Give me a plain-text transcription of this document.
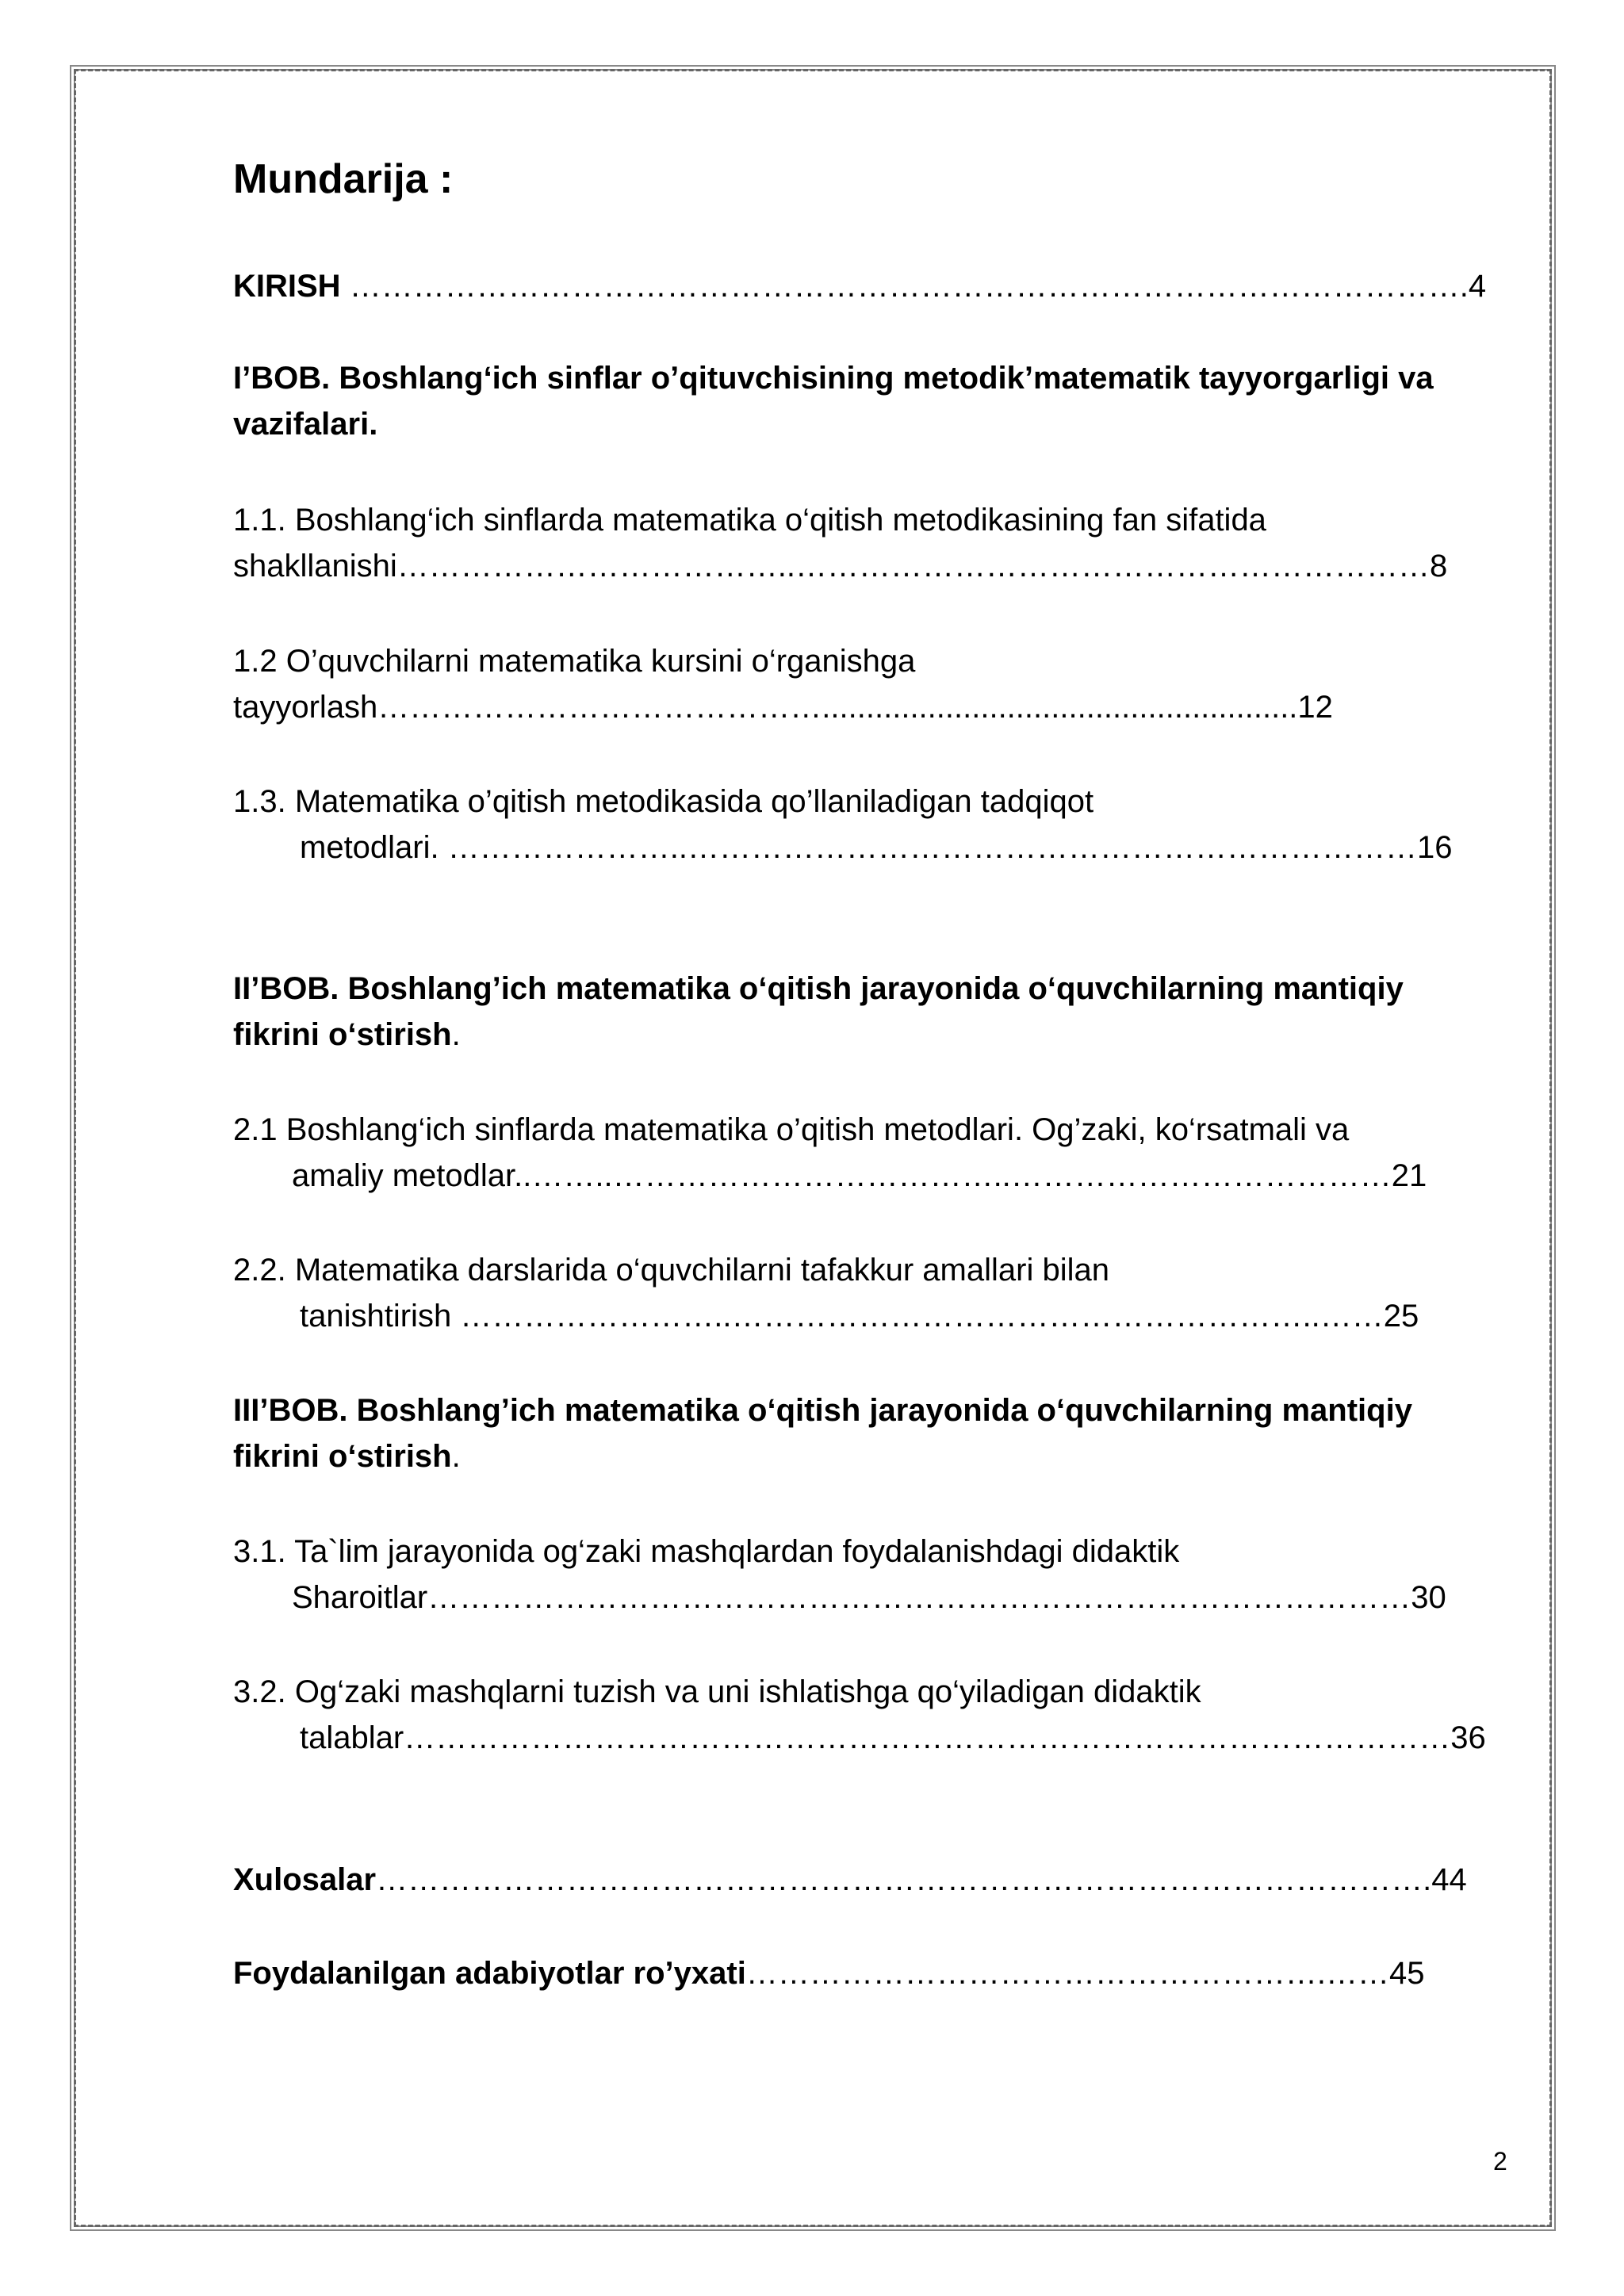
Mundarija :
KIRISH …………………………………………………………………………………………….4
I’BOB. Boshlang‘ich sinflar o’qituvchisining metodik’matematik tayyorgarligi va
vazifalari.
1.1. Boshlang‘ich sinflarda matematika o‘qitish metodikasining fan sifatida
shakllanishi………………………………..……………………………………………………8
1.2 O’quvchilarni matematika kursini o‘rganishga
tayyorlash……………………………………......................................................12
1.3. Matematika o’qitish metodikasida qo’llaniladigan tadqiqot
metodlari. …………………..……………………………………………………………16
II’BOB. Boshlang’ich matematika o‘qitish jarayonida o‘quvchilarning mantiqiy
fikrini o‘stirish.
2.1 Boshlang‘ich sinflarda matematika o’qitish metodlari. Og’zaki, ko‘rsatmali va
amaliy metodlar..……..………………………………..………………………………21
2.2. Matematika darslarida o‘quvchilarni tafakkur amallari bilan
tanishtirish ……………………..………………………………………………..……25
III’BOB. Boshlang’ich matematika o‘qitish jarayonida o‘quvchilarning mantiqiy
fikrini o‘stirish.
3.1. Ta`lim jarayonida og‘zaki mashqlardan foydalanishdagi didaktik
Sharoitlar…………………………………………………………………………………30
3.2. Og‘zaki mashqlarni tuzish va uni ishlatishga qo‘yiladigan didaktik
talablar………………………………………………………………………………………36
Xulosalar……………………………………………………………………………………….44
Foydalanilgan adabiyotlar ro’yxati……………………………………………….……45
2
